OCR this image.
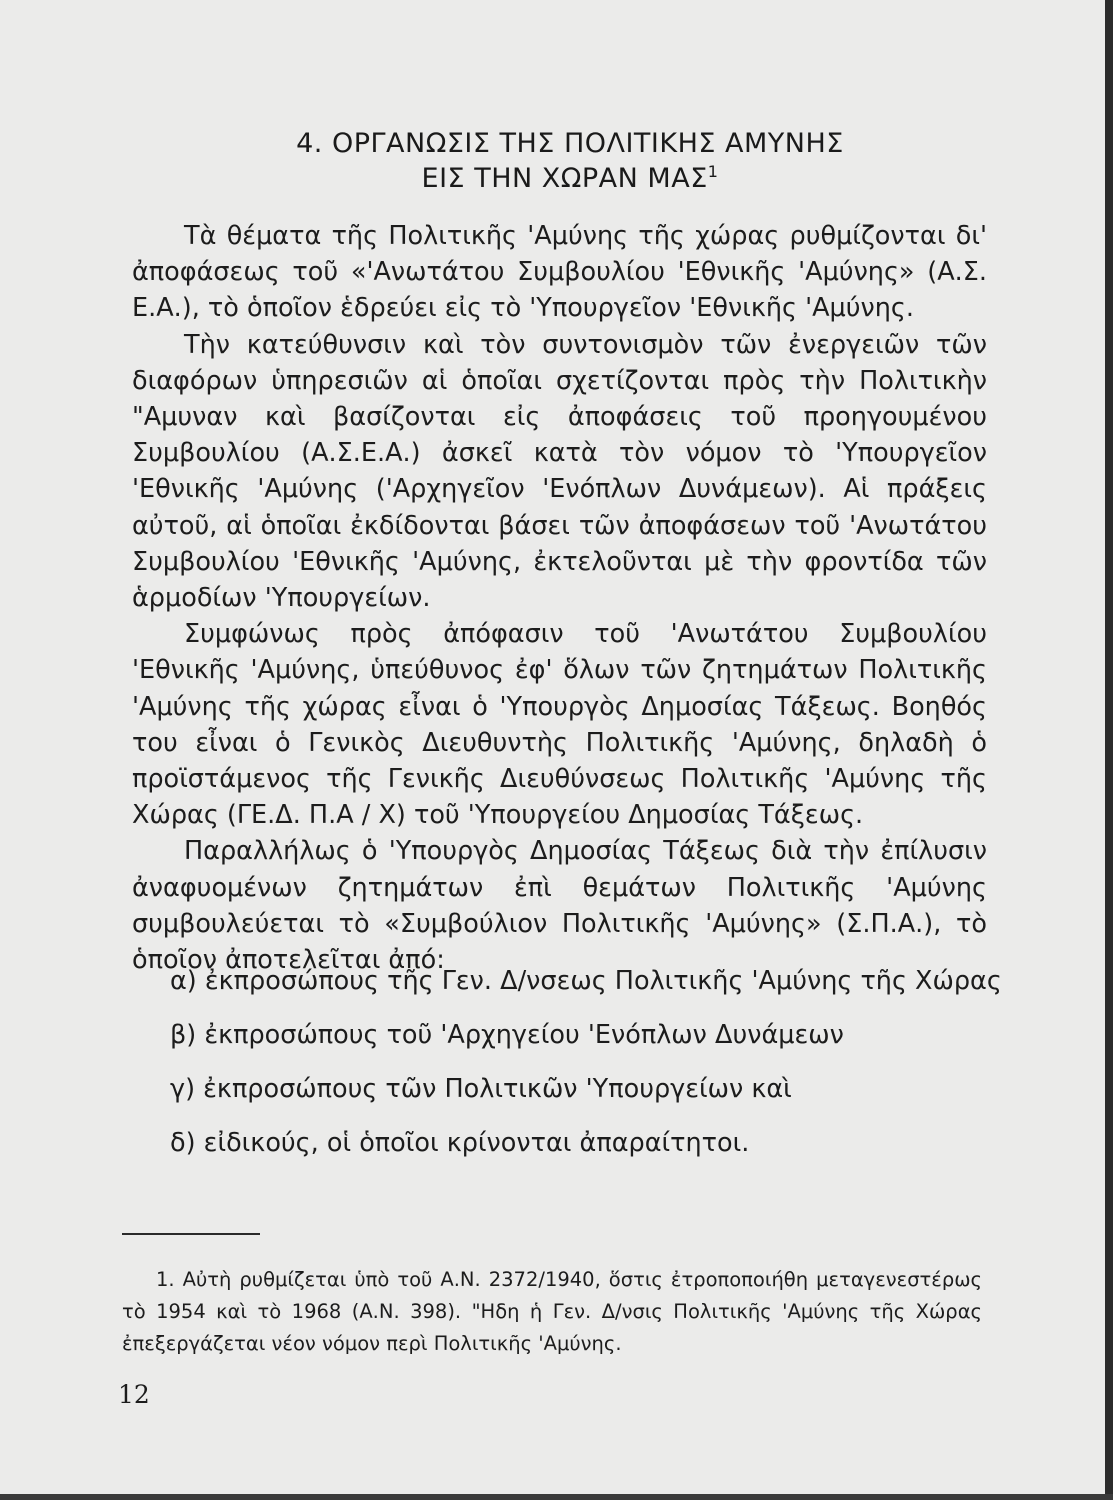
4. ΟΡΓΑΝΩΣΙΣ ΤΗΣ ΠΟΛΙΤΙΚΗΣ ΑΜΥΝΗΣ
ΕΙΣ ΤΗΝ ΧΩΡΑΝ ΜΑΣ$^1$

Τὰ θέματα τῆς Πολιτικῆς 'Αμύνης τῆς χώρας ρυθμίζονται δι' ἀποφάσεως τοῦ «'Ανωτάτου Συμβουλίου 'Εθνικῆς 'Αμύνης» (Α.Σ. Ε.Α.), τὸ ὁποῖον ἑδρεύει εἰς τὸ 'Υπουργεῖον 'Εθνικῆς 'Αμύνης.

Τὴν κατεύθυνσιν καὶ τὸν συντονισμὸν τῶν ἐνεργειῶν τῶν διαφόρων ὑπηρεσιῶν αἱ ὁποῖαι σχετίζονται πρὸς τὴν Πολιτικὴν "Αμυναν καὶ βασίζονται εἰς ἀποφάσεις τοῦ προηγουμένου Συμβουλίου (Α.Σ.Ε.Α.) ἀσκεῖ κατὰ τὸν νόμον τὸ 'Υπουργεῖον 'Εθνικῆς 'Αμύνης ('Αρχηγεῖον 'Ενόπλων Δυνάμεων). Αἱ πράξεις αὐτοῦ, αἱ ὁποῖαι ἐκδίδονται βάσει τῶν ἀποφάσεων τοῦ 'Ανωτάτου Συμβουλίου 'Εθνικῆς 'Αμύνης, ἐκτελοῦνται μὲ τὴν φροντίδα τῶν ἁρμοδίων 'Υπουργείων.

Συμφώνως πρὸς ἀπόφασιν τοῦ 'Ανωτάτου Συμβουλίου 'Εθνικῆς 'Αμύνης, ὑπεύθυνος ἐφ' ὅλων τῶν ζητημάτων Πολιτικῆς 'Αμύνης τῆς χώρας εἶναι ὁ 'Υπουργὸς Δημοσίας Τάξεως. Βοηθός του εἶναι ὁ Γενικὸς Διευθυντὴς Πολιτικῆς 'Αμύνης, δηλαδὴ ὁ προϊστάμενος τῆς Γενικῆς Διευθύνσεως Πολιτικῆς 'Αμύνης τῆς Χώρας (ΓΕ.Δ. Π.Α / Χ) τοῦ 'Υπουργείου Δημοσίας Τάξεως.

Παραλλήλως ὁ 'Υπουργὸς Δημοσίας Τάξεως διὰ τὴν ἐπίλυσιν ἀναφυομένων ζητημάτων ἐπὶ θεμάτων Πολιτικῆς 'Αμύνης συμβουλεύεται τὸ «Συμβούλιον Πολιτικῆς 'Αμύνης» (Σ.Π.Α.), τὸ ὁποῖον ἀποτελεῖται ἀπό:

α) ἐκπροσώπους τῆς Γεν. Δ/νσεως Πολιτικῆς 'Αμύνης τῆς Χώρας
β) ἐκπροσώπους τοῦ 'Αρχηγείου 'Ενόπλων Δυνάμεων
γ) ἐκπροσώπους τῶν Πολιτικῶν 'Υπουργείων καὶ
δ) εἰδικούς, οἱ ὁποῖοι κρίνονται ἀπαραίτητοι.

1. Αὐτὴ ρυθμίζεται ὑπὸ τοῦ Α.Ν. 2372/1940, ὅστις ἐτροποποιήθη μεταγενεστέρως τὸ 1954 καὶ τὸ 1968 (Α.Ν. 398). "Ηδη ἡ Γεν. Δ/νσις Πολιτικῆς 'Αμύνης τῆς Χώρας ἐπεξεργάζεται νέον νόμον περὶ Πολιτικῆς 'Αμύνης.

12
